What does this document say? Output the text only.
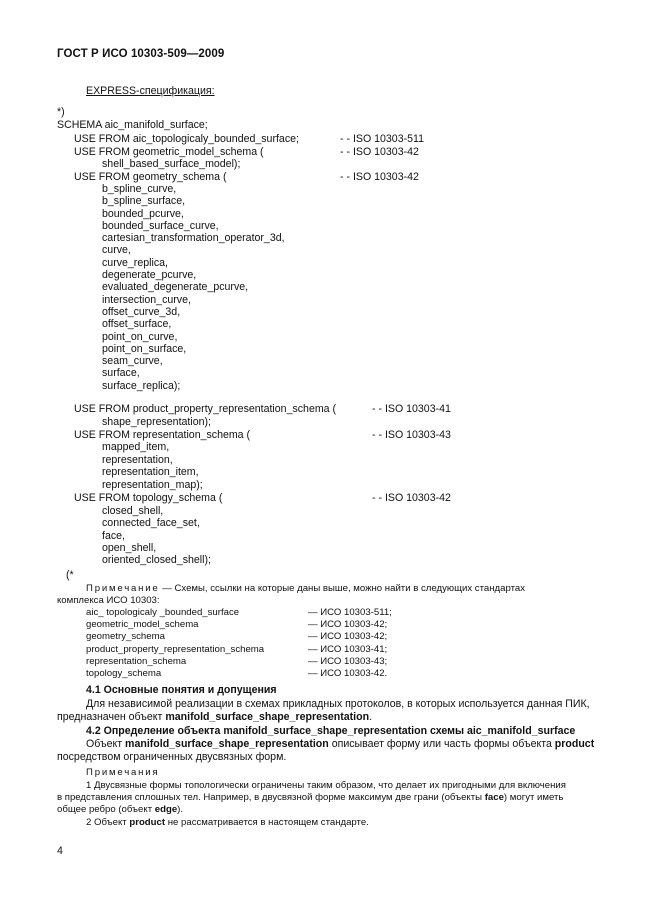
ГОСТ Р ИСО 10303-509—2009
EXPRESS-спецификация:
*)
SCHEMA aic_manifold_surface;
USE FROM aic_topologicaly_bounded_surface;	- - ISO 10303-511
USE FROM geometric_model_schema (	- - ISO 10303-42
shell_based_surface_model);
USE FROM geometry_schema (	- - ISO 10303-42
b_spline_curve,
b_spline_surface,
bounded_pcurve,
bounded_surface_curve,
cartesian_transformation_operator_3d,
curve,
curve_replica,
degenerate_pcurve,
evaluated_degenerate_pcurve,
intersection_curve,
offset_curve_3d,
offset_surface,
point_on_curve,
point_on_surface,
seam_curve,
surface,
surface_replica);
USE FROM product_property_representation_schema (	- - ISO 10303-41
shape_representation);
USE FROM representation_schema (	- - ISO 10303-43
mapped_item,
representation,
representation_item,
representation_map);
USE FROM topology_schema (	- - ISO 10303-42
closed_shell,
connected_face_set,
face,
open_shell,
oriented_closed_shell);
(*
Примечание — Схемы, ссылки на которые даны выше, можно найти в следующих стандартах
комплекса ИСО 10303:
aic_ topologicaly _bounded_surface	— ИСО 10303-511;
geometric_model_schema	— ИСО 10303-42;
geometry_schema	— ИСО 10303-42;
product_property_representation_schema	— ИСО 10303-41;
representation_schema	— ИСО 10303-43;
topology_schema	— ИСО 10303-42.
4.1 Основные понятия и допущения
Для независимой реализации в схемах прикладных протоколов, в которых используется данная ПИК,
предназначен объект manifold_surface_shape_representation.
4.2 Определение объекта manifold_surface_shape_representation схемы aic_manifold_surface
Объект manifold_surface_shape_representation описывает форму или часть формы объекта product
посредством ограниченных двусвязных форм.
Примечания
1 Двусвязные формы топологически ограничены таким образом, что делает их пригодными для включения
в представления сплошных тел. Например, в двусвязной форме максимум две грани (объекты face) могут иметь
общее ребро (объект edge).
2 Объект product не рассматривается в настоящем стандарте.
4
